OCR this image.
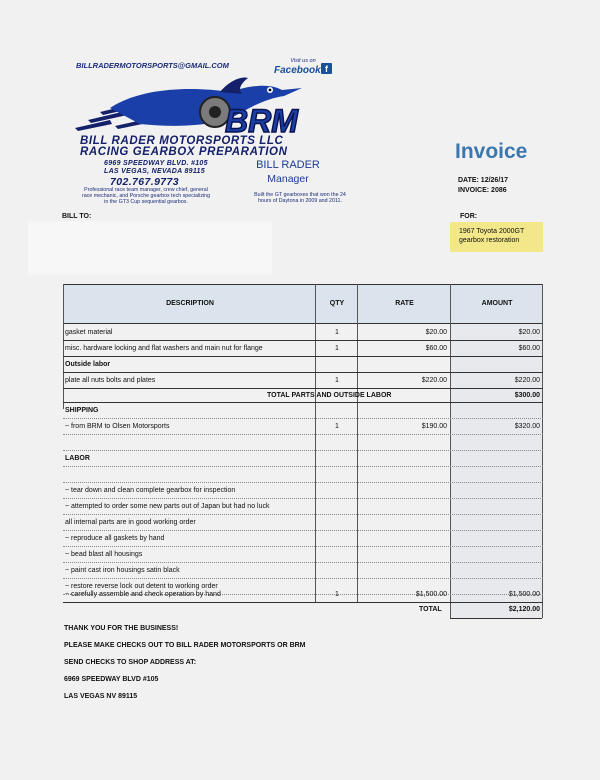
BILLRADERMOTORSPORTS@GMAIL.COM	Visit us on
Facebook f
BRM
BILL RADER MOTORSPORTS LLC
RACING GEARBOX PREPARATION
6969 SPEEDWAY BLVD. #105
LAS VEGAS, NEVADA 89115
702.767.9773
Professional race team manager, crew chief, general race mechanic, and Porsche gearbox tech specializing in the GT3 Cup sequential gearbox.
BILL RADER
Manager
Built the GT gearboxes that won the 24 hours of Daytona in 2009 and 2011.
Invoice
DATE: 12/26/17
INVOICE: 2086
BILL TO:	FOR:
1967 Toyota 2000GT
gearbox restoration
DESCRIPTION	QTY	RATE	AMOUNT
gasket material	1	$20.00	$20.00
misc. hardware locking and flat washers and main nut for flange	1	$60.00	$60.00
Outside labor
plate all nuts bolts and plates	1	$220.00	$220.00
TOTAL PARTS AND OUTSIDE LABOR	$300.00
SHIPPING
~ from BRM to Olsen Motorsports	1	$190.00	$320.00
LABOR
~ tear down and clean complete gearbox for inspection
~ attempted to order some new parts out of Japan but had no luck
all internal parts are in good working order
~ reproduce all gaskets by hand
~ bead blast all housings
~ paint cast iron housings satin black
~ restore reverse lock out detent to working order
~ carefully assemble and check operation by hand	1	$1,500.00	$1,500.00
TOTAL	$2,120.00
THANK YOU FOR THE BUSINESS!
PLEASE MAKE CHECKS OUT TO BILL RADER MOTORSPORTS OR BRM
SEND CHECKS TO SHOP ADDRESS AT:
6969 SPEEDWAY BLVD #105
LAS VEGAS NV 89115
